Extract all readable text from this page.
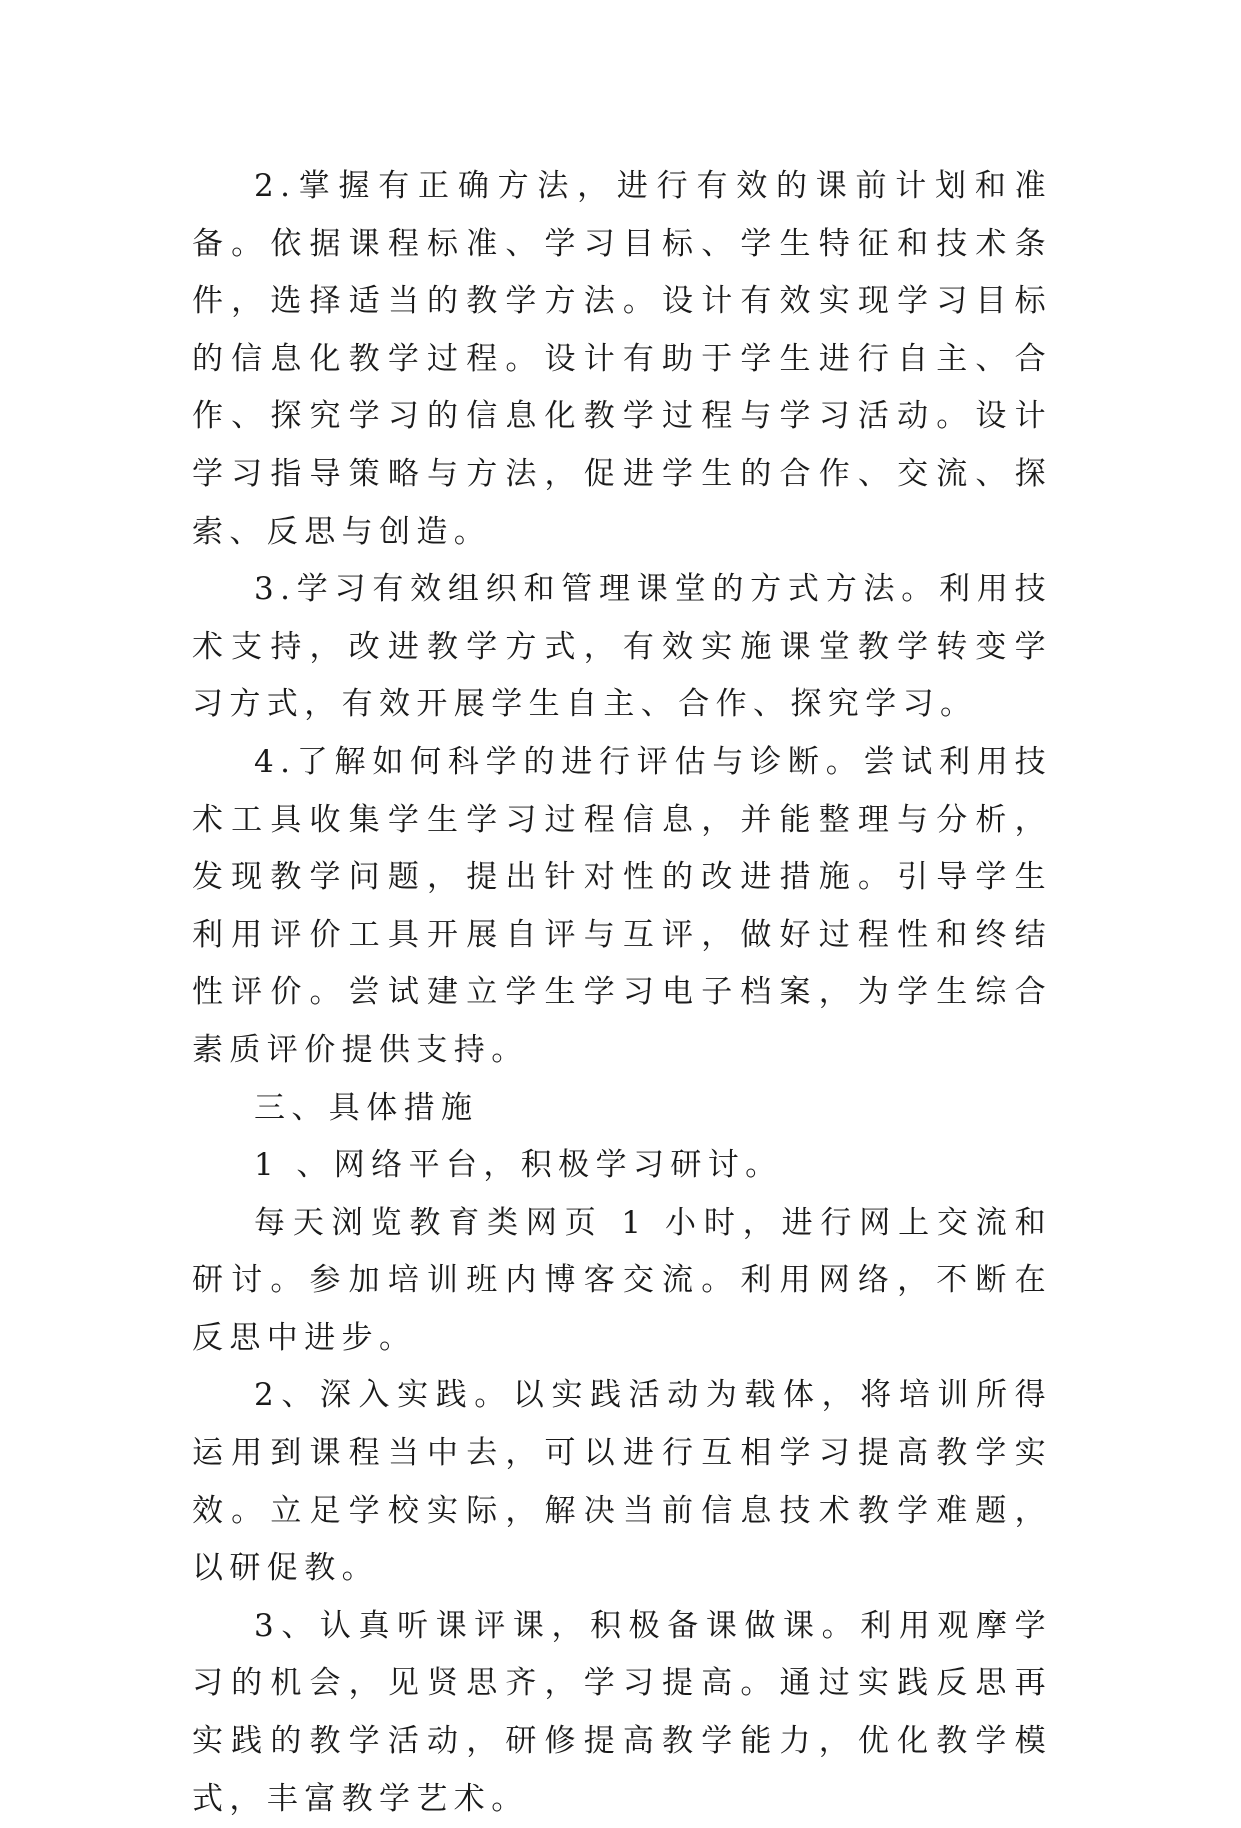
2.掌握有正确方法，进行有效的课前计划和准备。依据课程标准、学习目标、学生特征和技术条件，选择适当的教学方法。设计有效实现学习目标的信息化教学过程。设计有助于学生进行自主、合作、探究学习的信息化教学过程与学习活动。设计学习指导策略与方法，促进学生的合作、交流、探索、反思与创造。

3.学习有效组织和管理课堂的方式方法。利用技术支持，改进教学方式，有效实施课堂教学转变学习方式，有效开展学生自主、合作、探究学习。

4.了解如何科学的进行评估与诊断。尝试利用技术工具收集学生学习过程信息，并能整理与分析，发现教学问题，提出针对性的改进措施。引导学生利用评价工具开展自评与互评，做好过程性和终结性评价。尝试建立学生学习电子档案，为学生综合素质评价提供支持。

三、具体措施

1 、网络平台，积极学习研讨。

每天浏览教育类网页 1 小时，进行网上交流和研讨。参加培训班内博客交流。利用网络，不断在反思中进步。

2、深入实践。以实践活动为载体，将培训所得运用到课程当中去，可以进行互相学习提高教学实效。立足学校实际，解决当前信息技术教学难题，以研促教。

3、认真听课评课，积极备课做课。利用观摩学习的机会，见贤思齐，学习提高。通过实践反思再实践的教学活动，研修提高教学能力，优化教学模式，丰富教学艺术。
